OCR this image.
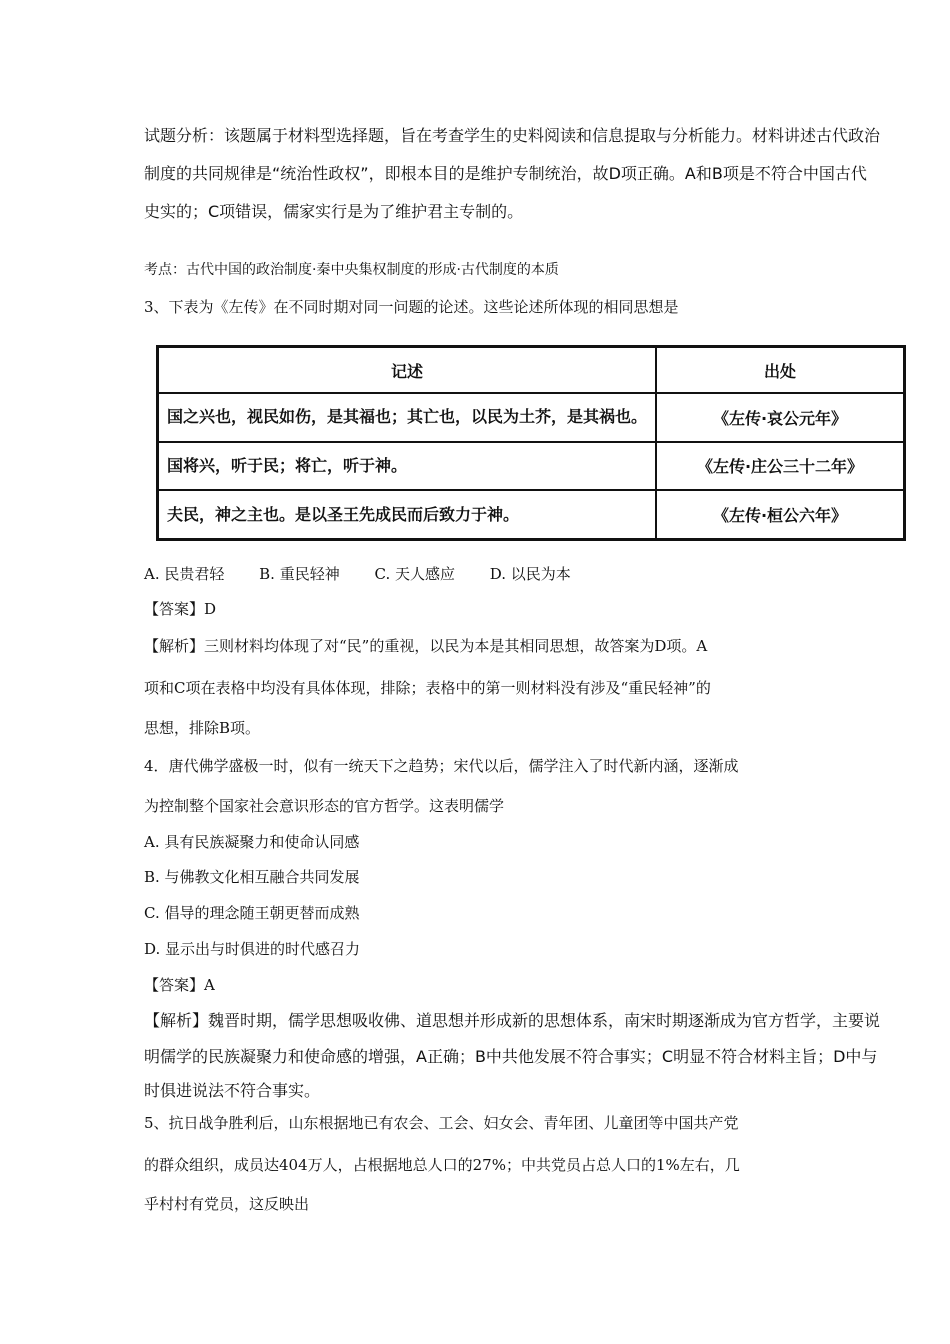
试题分析：该题属于材料型选择题，旨在考查学生的史料阅读和信息提取与分析能力。材料讲述古代政治
制度的共同规律是“统治性政权”，即根本目的是维护专制统治，故D项正确。A和B项是不符合中国古代
史实的；C项错误，儒家实行是为了维护君主专制的。
考点：古代中国的政治制度·秦中央集权制度的形成·古代制度的本质
3、下表为《左传》在不同时期对同一问题的论述。这些论述所体现的相同思想是
记述	出处
国之兴也，视民如伤，是其福也；其亡也，以民为土芥，是其祸也。	《左传·哀公元年》
国将兴，听于民；将亡，听于神。	《左传·庄公三十二年》
夫民，神之主也。是以圣王先成民而后致力于神。	《左传·桓公六年》
A. 民贵君轻 B. 重民轻神 C. 天人感应 D. 以民为本
【答案】D
【解析】三则材料均体现了对“民”的重视，以民为本是其相同思想，故答案为D项。A
项和C项在表格中均没有具体体现，排除；表格中的第一则材料没有涉及“重民轻神”的
思想，排除B项。
4．唐代佛学盛极一时，似有一统天下之趋势；宋代以后，儒学注入了时代新内涵，逐渐成
为控制整个国家社会意识形态的官方哲学。这表明儒学
A. 具有民族凝聚力和使命认同感
B. 与佛教文化相互融合共同发展
C. 倡导的理念随王朝更替而成熟
D. 显示出与时俱进的时代感召力
【答案】A
【解析】魏晋时期，儒学思想吸收佛、道思想并形成新的思想体系，南宋时期逐渐成为官方哲学，主要说
明儒学的民族凝聚力和使命感的增强，A正确；B中共他发展不符合事实；C明显不符合材料主旨；D中与
时俱进说法不符合事实。
5、抗日战争胜利后，山东根据地已有农会、工会、妇女会、青年团、儿童团等中国共产党
的群众组织，成员达404万人，占根据地总人口的27%；中共党员占总人口的1%左右，几
乎村村有党员，这反映出
